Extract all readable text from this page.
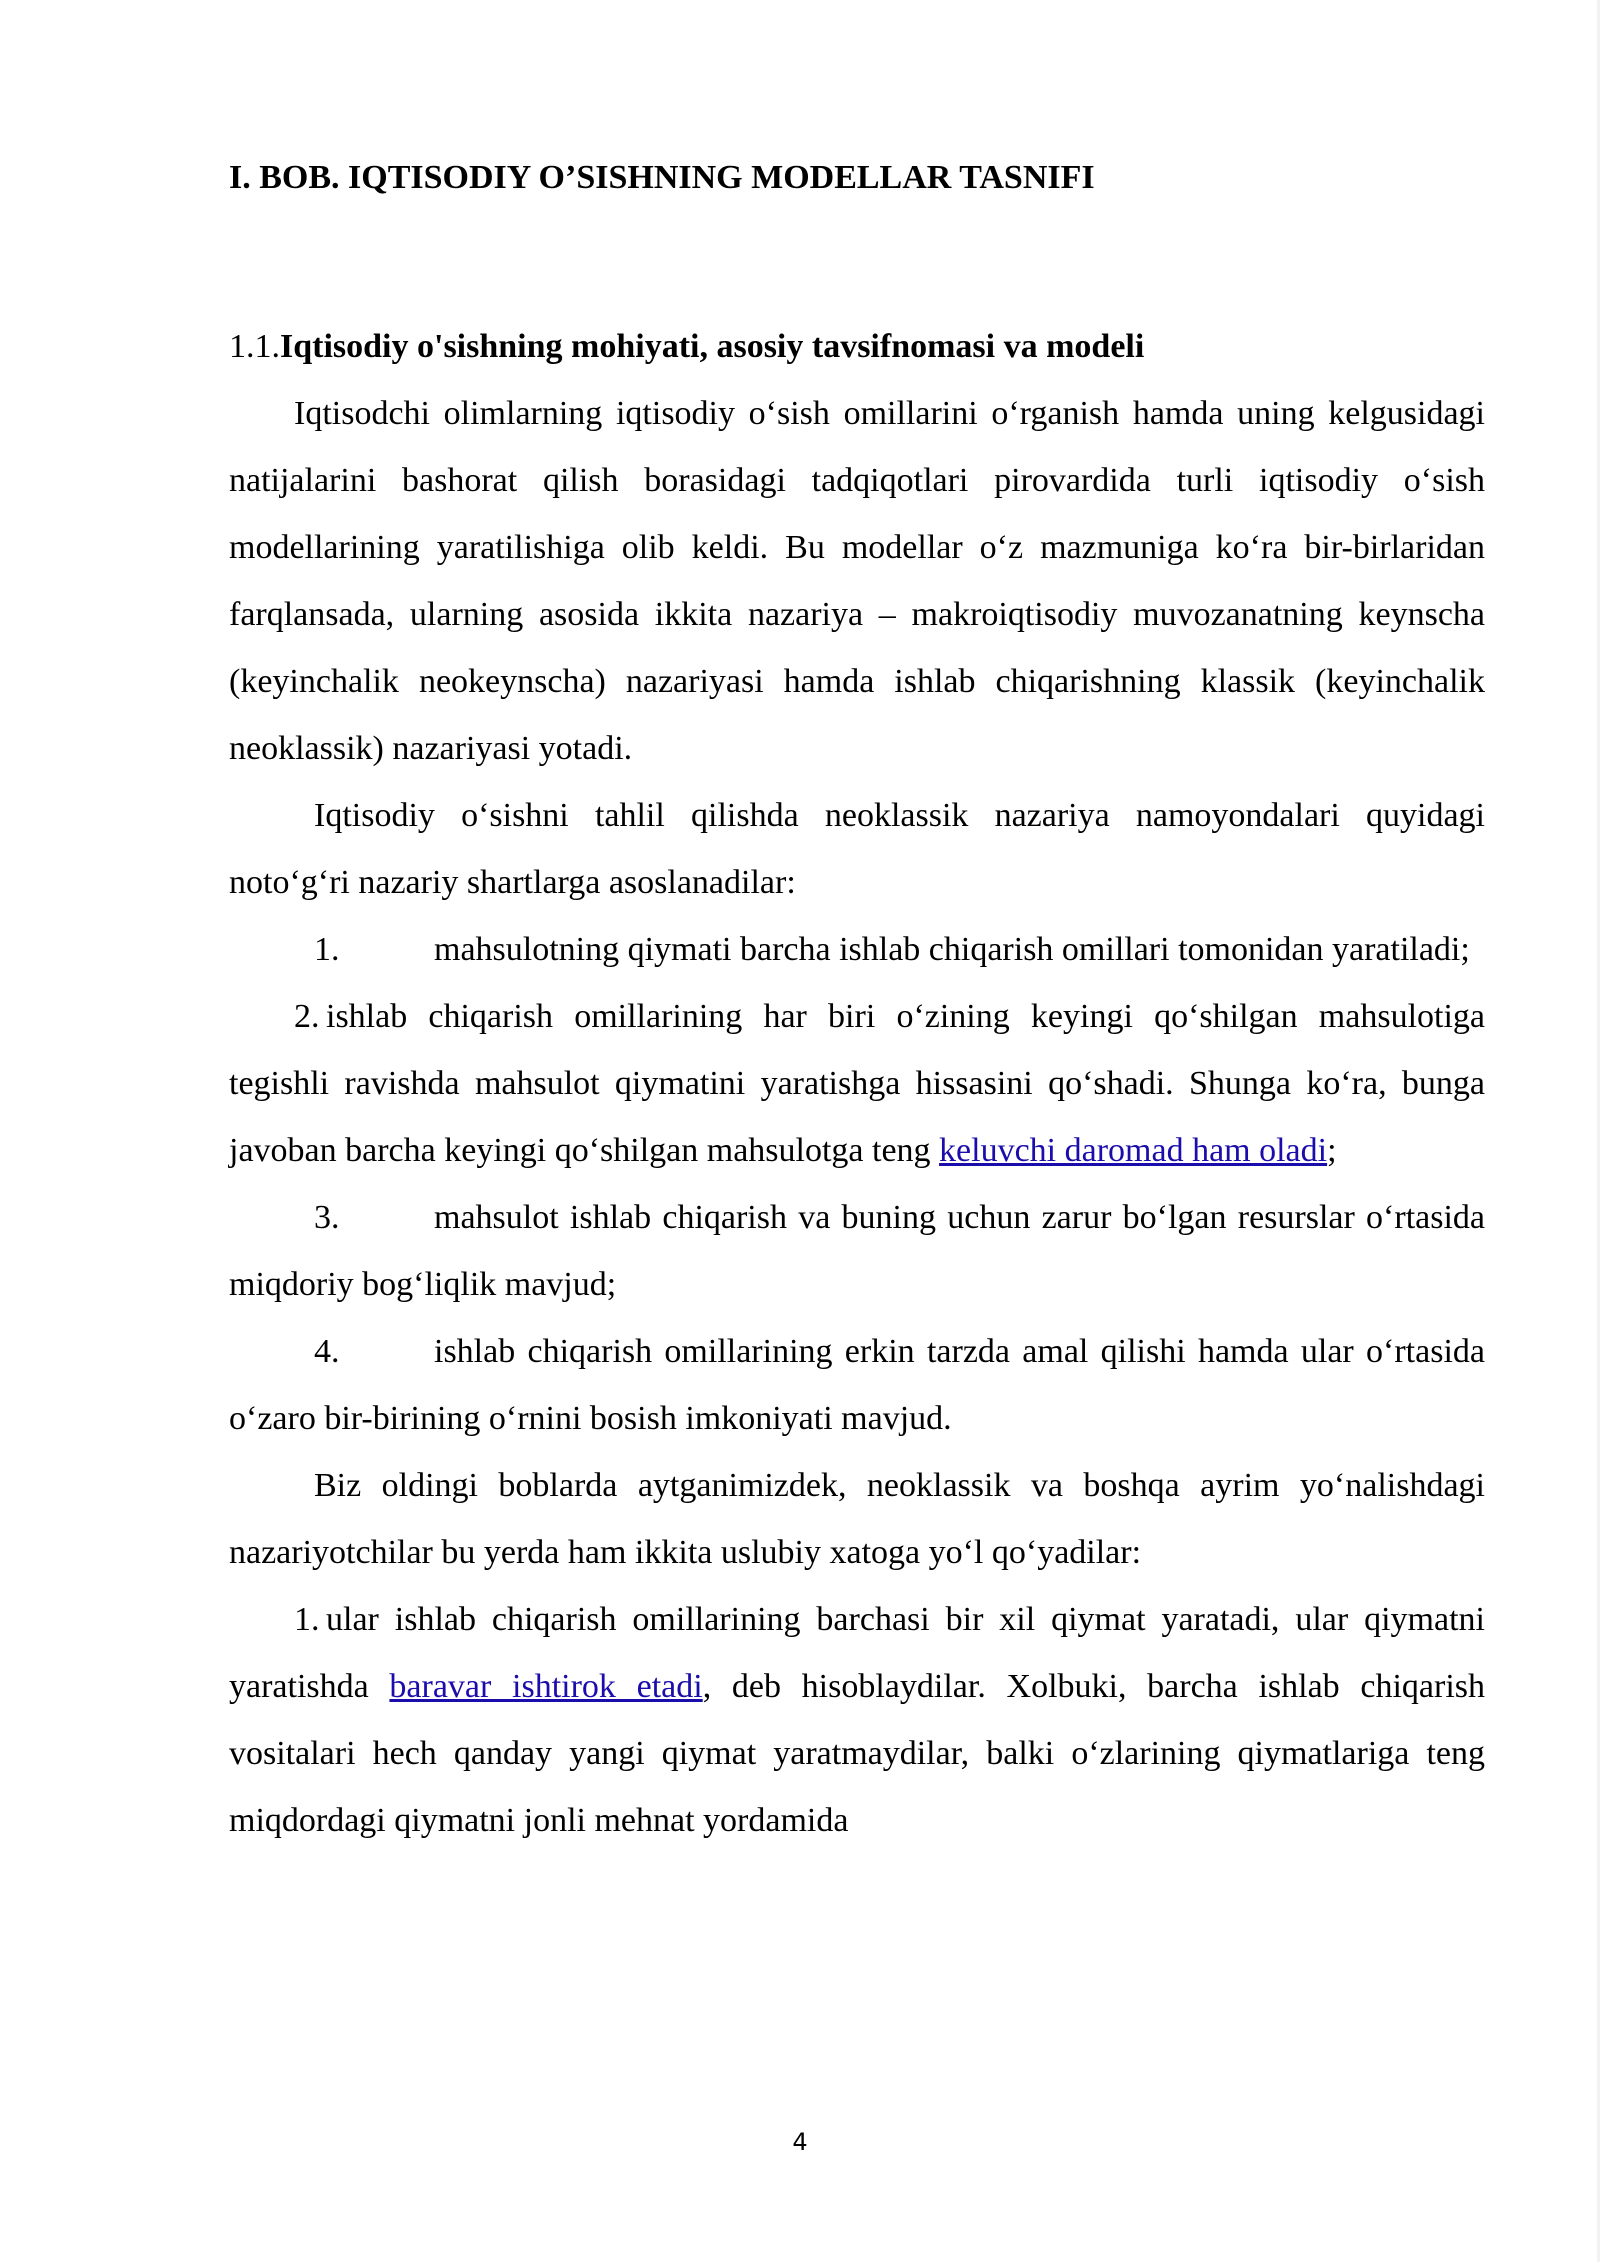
I. BOB. IQTISODIY O’SISHNING MODELLAR TASNIFI

1.1.Iqtisodiy o'sishning mohiyati, asosiy tavsifnomasi va modeli

Iqtisodchi olimlarning iqtisodiy o‘sish omillarini o‘rganish hamda uning kelgusidagi natijalarini bashorat qilish borasidagi tadqiqotlari pirovardida turli iqtisodiy o‘sish modellarining yaratilishiga olib keldi. Bu modellar o‘z mazmuniga ko‘ra bir-birlaridan farqlansada, ularning asosida ikkita nazariya – makroiqtisodiy muvozanatning keynscha (keyinchalik neokeynscha) nazariyasi hamda ishlab chiqarishning klassik (keyinchalik neoklassik) nazariyasi yotadi.

Iqtisodiy o‘sishni tahlil qilishda neoklassik nazariya namoyondalari quyidagi noto‘g‘ri nazariy shartlarga asoslanadilar:

1.	mahsulotning qiymati barcha ishlab chiqarish omillari tomonidan yaratiladi;

2. ishlab chiqarish omillarining har biri o‘zining keyingi qo‘shilgan mahsulotiga tegishli ravishda mahsulot qiymatini yaratishga hissasini qo‘shadi. Shunga ko‘ra, bunga javoban barcha keyingi qo‘shilgan mahsulotga teng keluvchi daromad ham oladi;

3.	mahsulot ishlab chiqarish va buning uchun zarur bo‘lgan resurslar o‘rtasida miqdoriy bog‘liqlik mavjud;

4.	ishlab chiqarish omillarining erkin tarzda amal qilishi hamda ular o‘rtasida o‘zaro bir-birining o‘rnini bosish imkoniyati mavjud.

Biz oldingi boblarda aytganimizdek, neoklassik va boshqa ayrim yo‘nalishdagi nazariyotchilar bu yerda ham ikkita uslubiy xatoga yo‘l qo‘yadilar:

1. ular ishlab chiqarish omillarining barchasi bir xil qiymat yaratadi, ular qiymatni yaratishda baravar ishtirok etadi, deb hisoblaydilar. Xolbuki, barcha ishlab chiqarish vositalari hech qanday yangi qiymat yaratmaydilar, balki o‘zlarining qiymatlariga teng miqdordagi qiymatni jonli mehnat yordamida

4
